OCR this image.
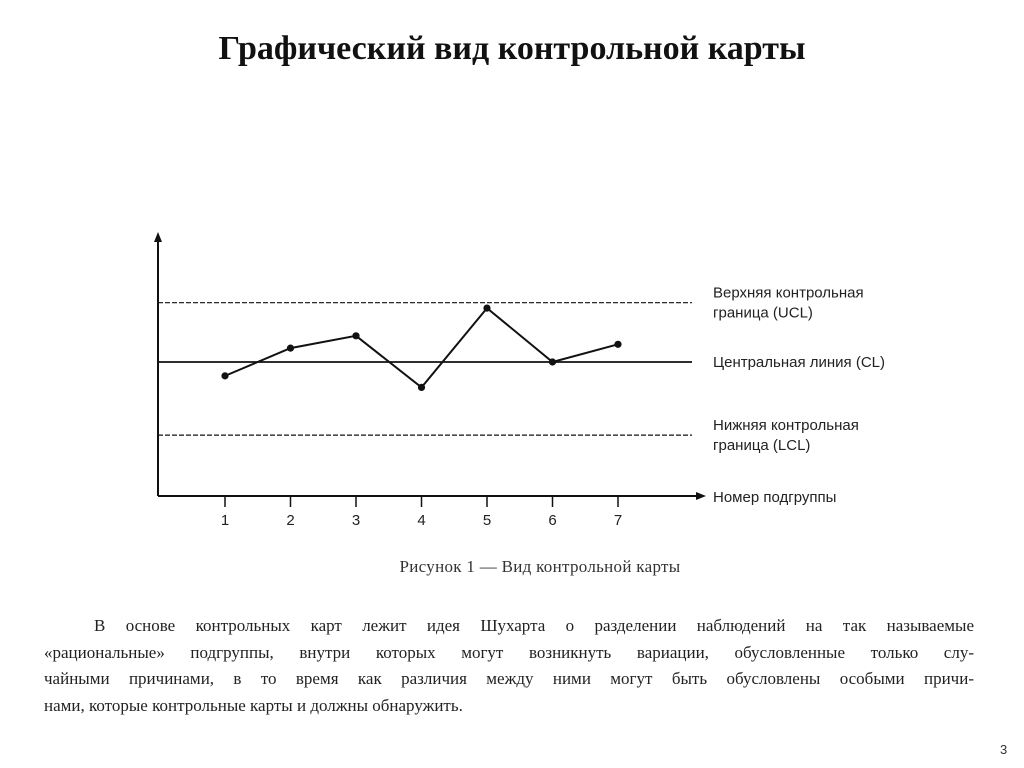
Графический вид контрольной карты
1	2	3	4	5	6	7
Верхняя контрольная
граница (UCL)
Центральная линия (CL)
Нижняя контрольная
граница (LCL)
Номер подгруппы
Рисунок 1 — Вид контрольной карты
В основе контрольных карт лежит идея Шухарта о разделении наблюдений на так называемые
«рациональные» подгруппы, внутри которых могут возникнуть вариации, обусловленные только слу-
чайными причинами, в то время как различия между ними могут быть обусловлены особыми причи-
нами, которые контрольные карты и должны обнаружить.
3
